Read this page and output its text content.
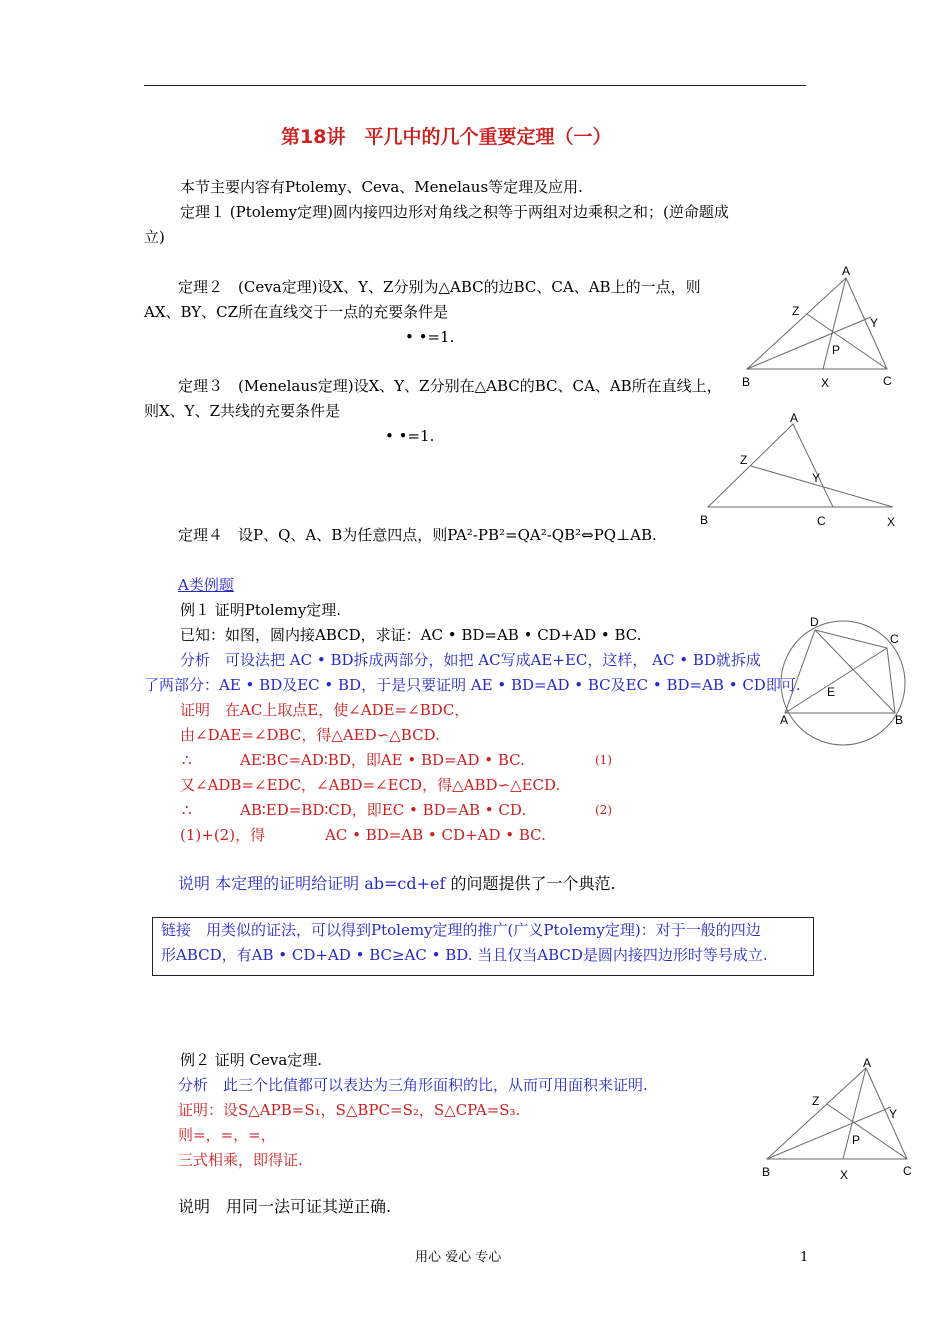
第18讲　平几中的几个重要定理（一）
本节主要内容有Ptolemy、Ceva、Menelaus等定理及应用.
定理１ (Ptolemy定理)圆内接四边形对角线之积等于两组对边乘积之和；(逆命题成
立)
定理２　(Ceva定理)设X、Y、Z分别为△ABC的边BC、CA、AB上的一点，则
AX、BY、CZ所在直线交于一点的充要条件是
• •=1.
定理３　(Menelaus定理)设X、Y、Z分别在△ABC的BC、CA、AB所在直线上，
则X、Y、Z共线的充要条件是
• •=1.
定理４　设P、Q、A、B为任意四点，则PA²-PB²=QA²-QB²⇔PQ⊥AB.
A类例题
例１ 证明Ptolemy定理.
已知：如图，圆内接ABCD，求证：AC • BD=AB • CD+AD • BC.
分析　可设法把 AC • BD拆成两部分，如把 AC写成AE+EC，这样， AC • BD就拆成
了两部分：AE • BD及EC • BD，于是只要证明 AE • BD=AD • BC及EC • BD=AB • CD即可.
证明　在AC上取点E，使∠ADE=∠BDC，
由∠DAE=∠DBC，得△AED∽△BCD.
∴	AE∶BC=AD∶BD，即AE • BD=AD • BC.	(1)
又∠ADB=∠EDC，∠ABD=∠ECD，得△ABD∽△ECD.
∴	AB∶ED=BD∶CD，即EC • BD=AB • CD.	(2)
(1)+(2)，得	AC • BD=AB • CD+AD • BC.
说明 本定理的证明给证明 ab=cd+ef 的问题提供了一个典范.
链接　用类似的证法，可以得到Ptolemy定理的推广(广义Ptolemy定理)：对于一般的四边
形ABCD，有AB • CD+AD • BC≥AC • BD. 当且仅当ABCD是圆内接四边形时等号成立.
例２ 证明 Ceva定理.
分析　此三个比值都可以表达为三角形面积的比，从而可用面积来证明.
证明：设S△APB=S₁，S△BPC=S₂，S△CPA=S₃.
则=，=，=，
三式相乘，即得证.
说明　用同一法可证其逆正确.
A
Z
Y
P
B	X	C
A
Z
Y
B	C	X
D
C
E
A	B
A
Z
Y
P
B	X	C
用心 爱心 专心	1
